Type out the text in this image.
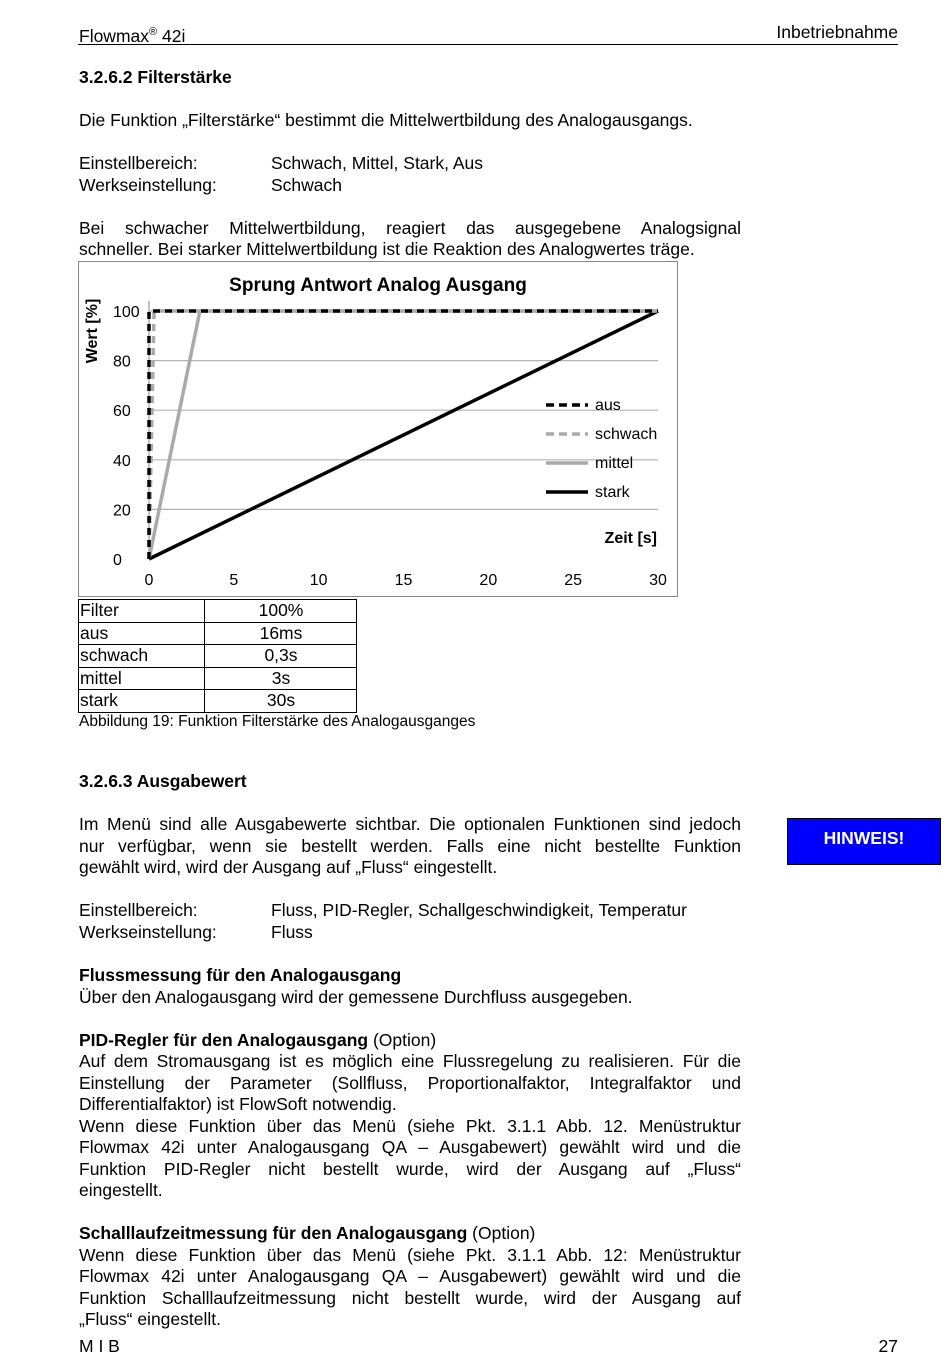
Flowmax® 42i	Inbetriebnahme
3.2.6.2 Filterstärke
Die Funktion „Filterstärke“ bestimmt die Mittelwertbildung des Analogausgangs.
Einstellbereich:	Schwach, Mittel, Stark, Aus
Werkseinstellung:	Schwach
Bei schwacher Mittelwertbildung, reagiert das ausgegebene Analogsignal
schneller. Bei starker Mittelwertbildung ist die Reaktion des Analogwertes träge.
Sprung Antwort Analog Ausgang
Wert [%]
Zeit [s]
0
20
40
60
80
100
0	5	10	15	20	25	30
aus
schwach
mittel
stark
Filter	100%
aus	16ms
schwach	0,3s
mittel	3s
stark	30s
Abbildung 19: Funktion Filterstärke des Analogausganges
3.2.6.3 Ausgabewert
Im Menü sind alle Ausgabewerte sichtbar. Die optionalen Funktionen sind jedoch
nur verfügbar, wenn sie bestellt werden. Falls eine nicht bestellte Funktion
gewählt wird, wird der Ausgang auf „Fluss“ eingestellt.
HINWEIS!
Einstellbereich:	Fluss, PID-Regler, Schallgeschwindigkeit, Temperatur
Werkseinstellung:	Fluss
Flussmessung für den Analogausgang
Über den Analogausgang wird der gemessene Durchfluss ausgegeben.
PID-Regler für den Analogausgang (Option)
Auf dem Stromausgang ist es möglich eine Flussregelung zu realisieren. Für die
Einstellung der Parameter (Sollfluss, Proportionalfaktor, Integralfaktor und
Differentialfaktor) ist FlowSoft notwendig.
Wenn diese Funktion über das Menü (siehe Pkt. 3.1.1 Abb. 12. Menüstruktur
Flowmax 42i unter Analogausgang QA – Ausgabewert) gewählt wird und die
Funktion PID-Regler nicht bestellt wurde, wird der Ausgang auf „Fluss“
eingestellt.
Schalllaufzeitmessung für den Analogausgang (Option)
Wenn diese Funktion über das Menü (siehe Pkt. 3.1.1 Abb. 12: Menüstruktur
Flowmax 42i unter Analogausgang QA – Ausgabewert) gewählt wird und die
Funktion Schalllaufzeitmessung nicht bestellt wurde, wird der Ausgang auf
„Fluss“ eingestellt.
M I B	27
